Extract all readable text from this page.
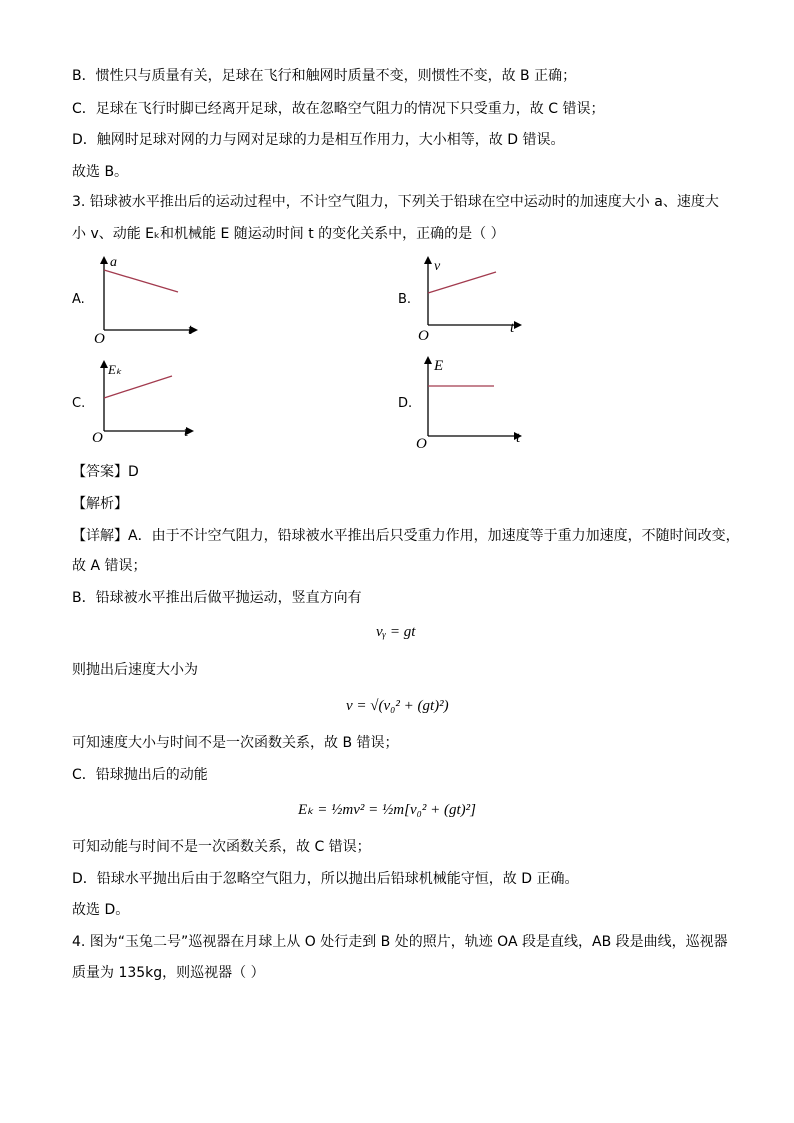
B．惯性只与质量有关，足球在飞行和触网时质量不变，则惯性不变，故 B 正确；
C．足球在飞行时脚已经离开足球，故在忽略空气阻力的情况下只受重力，故 C 错误；
D．触网时足球对网的力与网对足球的力是相互作用力，大小相等，故 D 错误。
故选 B。
3. 铅球被水平推出后的运动过程中，不计空气阻力，下列关于铅球在空中运动时的加速度大小 a、速度大
小 v、动能 Eₖ和机械能 E 随运动时间 t 的变化关系中，正确的是（ ）
A.
a
t
O
B.
v
t
O
C.
Eₖ
t
O
D.
E
t
O
【答案】D
【解析】
【详解】A．由于不计空气阻力，铅球被水平推出后只受重力作用，加速度等于重力加速度，不随时间改变，
故 A 错误；
B．铅球被水平推出后做平抛运动，竖直方向有
vᵧ = gt
则抛出后速度大小为
v = √(v₀² + (gt)²)
可知速度大小与时间不是一次函数关系，故 B 错误；
C．铅球抛出后的动能
Eₖ = ½mv² = ½m[v₀² + (gt)²]
可知动能与时间不是一次函数关系，故 C 错误；
D．铅球水平抛出后由于忽略空气阻力，所以抛出后铅球机械能守恒，故 D 正确。
故选 D。
4. 图为“玉兔二号”巡视器在月球上从 O 处行走到 B 处的照片，轨迹 OA 段是直线，AB 段是曲线，巡视器
质量为 135kg，则巡视器（ ）
